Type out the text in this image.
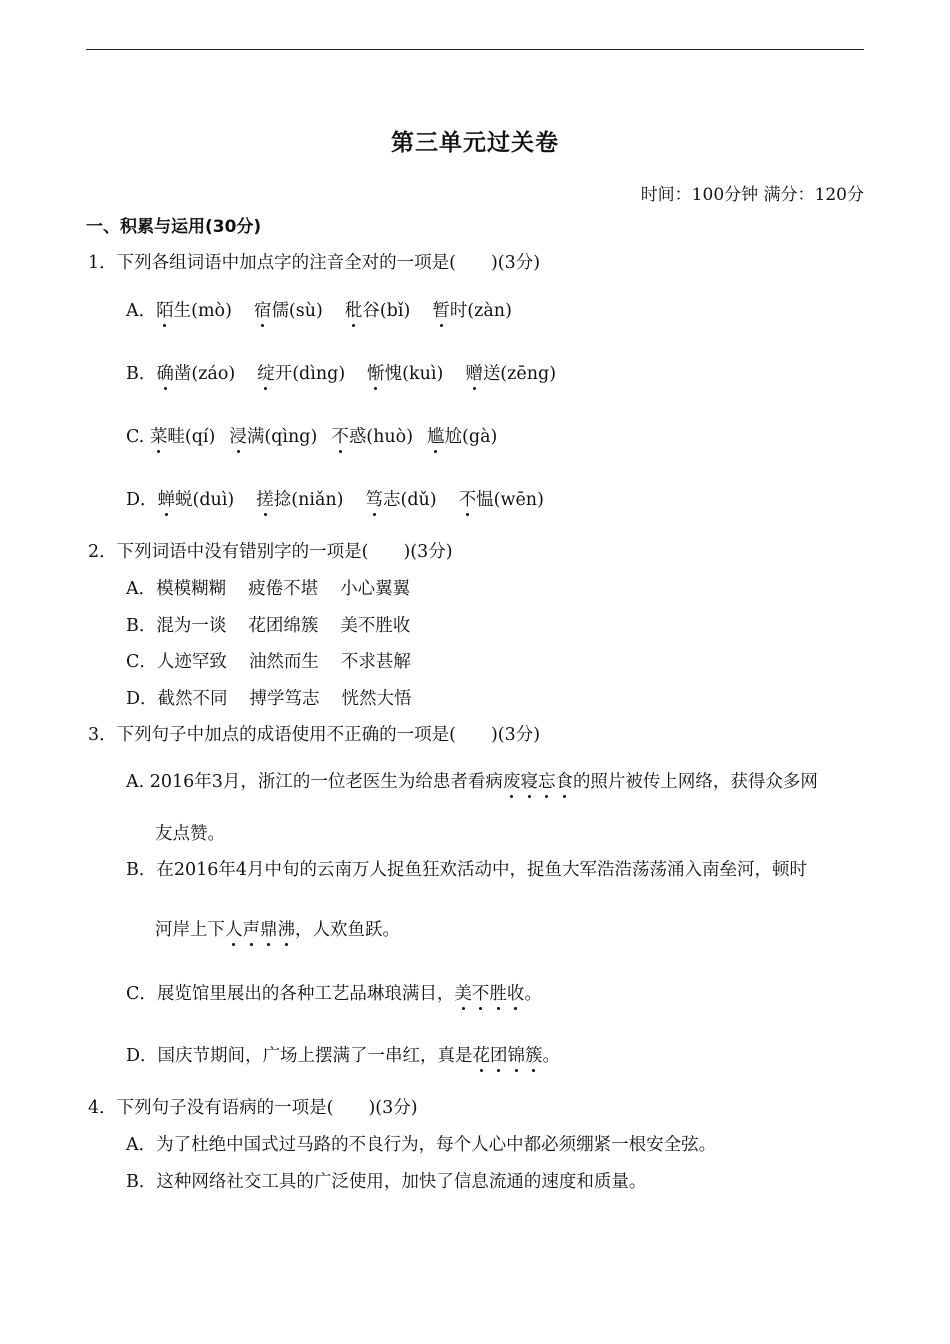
第三单元过关卷
时间：100分钟 满分：120分
一、积累与运用(30分)
1．下列各组词语中加点字的注音全对的一项是(　　)(3分)
A．陌生(mò) 宿儒(sù) 秕谷(bǐ) 暂时(zàn)
B．确凿(záo) 绽开(dìng) 惭愧(kuì) 赠送(zēng)
C. 菜畦(qí) 浸满(qìng) 不惑(huò) 尴尬(gà)
D．蝉蜕(duì) 搓捻(niǎn) 笃志(dǔ) 不愠(wēn)
2．下列词语中没有错别字的一项是(　　)(3分)
A．模模糊糊 疲倦不堪 小心翼翼
B．混为一谈 花团绵簇 美不胜收
C．人迹罕致 油然而生 不求甚解
D．截然不同 搏学笃志 恍然大悟
3．下列句子中加点的成语使用不正确的一项是(　　)(3分)
A. 2016年3月，浙江的一位老医生为给患者看病废寝忘食的照片被传上网络，获得众多网
友点赞。
B．在2016年4月中旬的云南万人捉鱼狂欢活动中，捉鱼大军浩浩荡荡涌入南垒河，顿时
河岸上下人声鼎沸，人欢鱼跃。
C．展览馆里展出的各种工艺品琳琅满目，美不胜收。
D．国庆节期间，广场上摆满了一串红，真是花团锦簇。
4．下列句子没有语病的一项是(　　)(3分)
A．为了杜绝中国式过马路的不良行为，每个人心中都必须绷紧一根安全弦。
B．这种网络社交工具的广泛使用，加快了信息流通的速度和质量。
